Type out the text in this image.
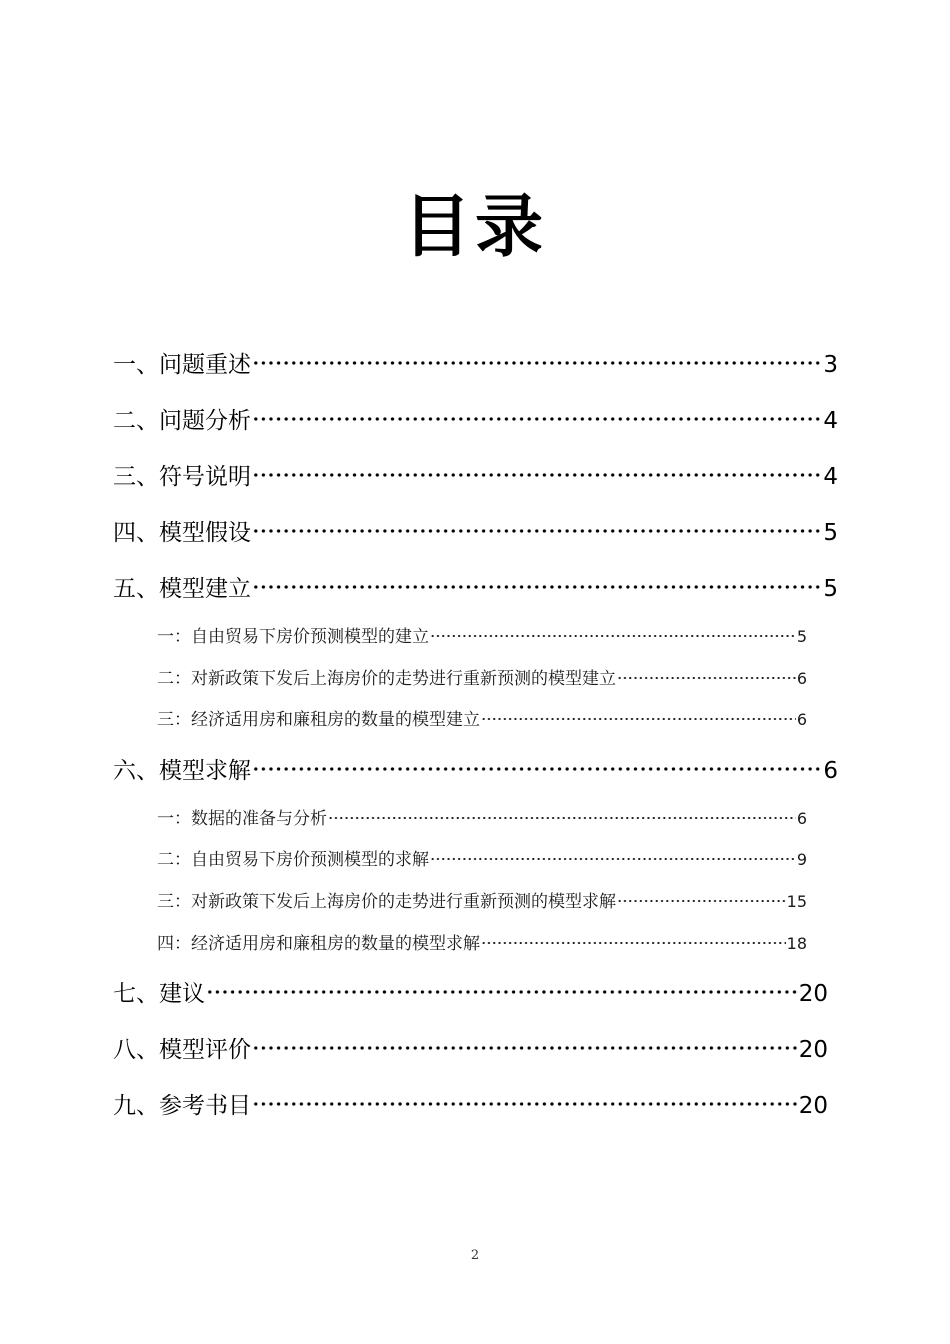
目录
一、问题重述	3
二、问题分析	4
三、符号说明	4
四、模型假设	5
五、模型建立	5
一：自由贸易下房价预测模型的建立	5
二：对新政策下发后上海房价的走势进行重新预测的模型建立	6
三：经济适用房和廉租房的数量的模型建立	6
六、模型求解	6
一：数据的准备与分析	6
二：自由贸易下房价预测模型的求解	9
三：对新政策下发后上海房价的走势进行重新预测的模型求解	15
四：经济适用房和廉租房的数量的模型求解	18
七、建议	20
八、模型评价	20
九、参考书目	20
2
